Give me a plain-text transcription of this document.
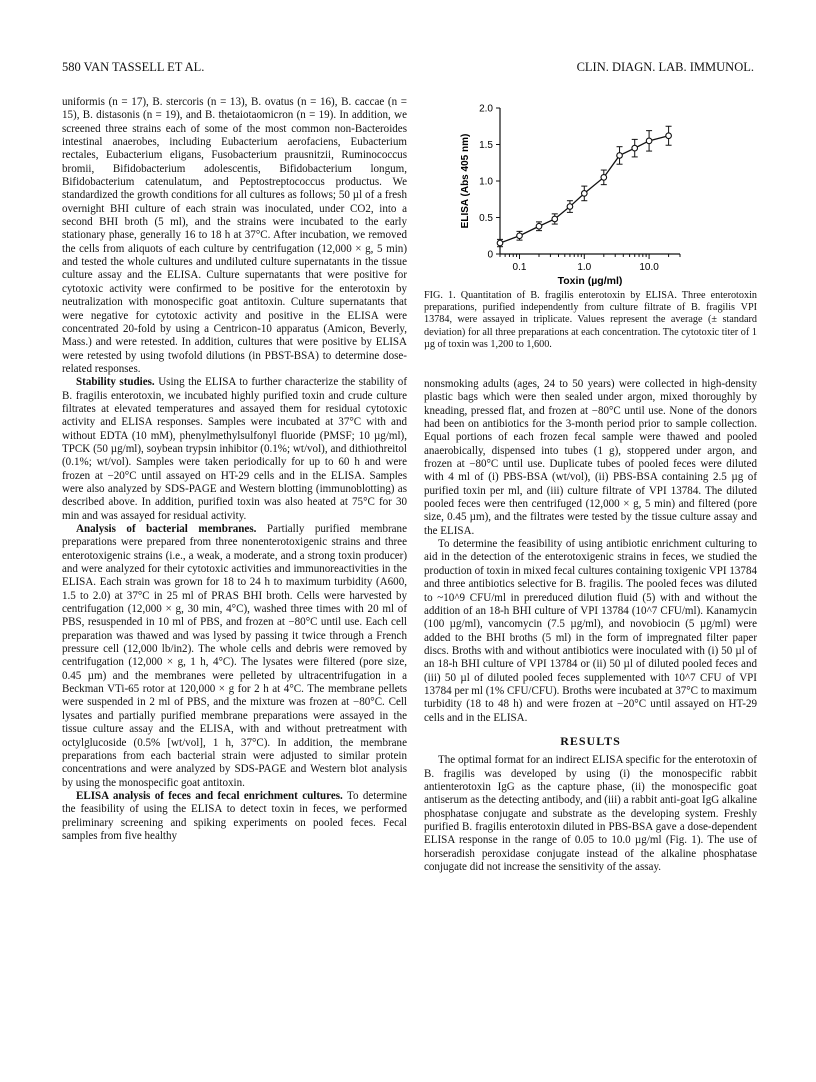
580 VAN TASSELL ET AL.	CLIN. DIAGN. LAB. IMMUNOL.

uniformis (n = 17), B. stercoris (n = 13), B. ovatus (n = 16), B. caccae (n = 15), B. distasonis (n = 19), and B. thetaiotaomicron (n = 19). In addition, we screened three strains each of some of the most common non-Bacteroides intestinal anaerobes, including Eubacterium aerofaciens, Eubacterium rectales, Eubacterium eligans, Fusobacterium prausnitzii, Ruminococcus bromii, Bifidobacterium adolescentis, Bifidobacterium longum, Bifidobacterium catenulatum, and Peptostreptococcus productus. We standardized the growth conditions for all cultures as follows; 50 µl of a fresh overnight BHI culture of each strain was inoculated, under CO2, into a second BHI broth (5 ml), and the strains were incubated to the early stationary phase, generally 16 to 18 h at 37°C. After incubation, we removed the cells from aliquots of each culture by centrifugation (12,000 × g, 5 min) and tested the whole cultures and undiluted culture supernatants in the tissue culture assay and the ELISA. Culture supernatants that were positive for cytotoxic activity were confirmed to be positive for the enterotoxin by neutralization with monospecific goat antitoxin. Culture supernatants that were negative for cytotoxic activity and positive in the ELISA were concentrated 20-fold by using a Centricon-10 apparatus (Amicon, Beverly, Mass.) and were retested. In addition, cultures that were positive by ELISA were retested by using twofold dilutions (in PBST-BSA) to determine dose-related responses.

Stability studies. Using the ELISA to further characterize the stability of B. fragilis enterotoxin, we incubated highly purified toxin and crude culture filtrates at elevated temperatures and assayed them for residual cytotoxic activity and ELISA responses. Samples were incubated at 37°C with and without EDTA (10 mM), phenylmethylsulfonyl fluoride (PMSF; 10 µg/ml), TPCK (50 µg/ml), soybean trypsin inhibitor (0.1%; wt/vol), and dithiothreitol (0.1%; wt/vol). Samples were taken periodically for up to 60 h and were frozen at −20°C until assayed on HT-29 cells and in the ELISA. Samples were also analyzed by SDS-PAGE and Western blotting (immunoblotting) as described above. In addition, purified toxin was also heated at 75°C for 30 min and was assayed for residual activity.

Analysis of bacterial membranes. Partially purified membrane preparations were prepared from three nonenterotoxigenic strains and three enterotoxigenic strains (i.e., a weak, a moderate, and a strong toxin producer) and were analyzed for their cytotoxic activities and immunoreactivities in the ELISA. Each strain was grown for 18 to 24 h to maximum turbidity (A600, 1.5 to 2.0) at 37°C in 25 ml of PRAS BHI broth. Cells were harvested by centrifugation (12,000 × g, 30 min, 4°C), washed three times with 20 ml of PBS, resuspended in 10 ml of PBS, and frozen at −80°C until use. Each cell preparation was thawed and was lysed by passing it twice through a French pressure cell (12,000 lb/in2). The whole cells and debris were removed by centrifugation (12,000 × g, 1 h, 4°C). The lysates were filtered (pore size, 0.45 µm) and the membranes were pelleted by ultracentrifugation in a Beckman VTi-65 rotor at 120,000 × g for 2 h at 4°C. The membrane pellets were suspended in 2 ml of PBS, and the mixture was frozen at −80°C. Cell lysates and partially purified membrane preparations were assayed in the tissue culture assay and the ELISA, with and without pretreatment with octylglucoside (0.5% [wt/vol], 1 h, 37°C). In addition, the membrane preparations from each bacterial strain were adjusted to similar protein concentrations and were analyzed by SDS-PAGE and Western blot analysis by using the monospecific goat antitoxin.

ELISA analysis of feces and fecal enrichment cultures. To determine the feasibility of using the ELISA to detect toxin in feces, we performed preliminary screening and spiking experiments on pooled feces. Fecal samples from five healthy

0
0.5
1.0
1.5
2.0
0.1	1.0	10.0
Toxin (µg/ml)
ELISA (Abs 405 nm)
FIG. 1. Quantitation of B. fragilis enterotoxin by ELISA. Three enterotoxin preparations, purified independently from culture filtrate of B. fragilis VPI 13784, were assayed in triplicate. Values represent the average (± standard deviation) for all three preparations at each concentration. The cytotoxic titer of 1 µg of toxin was 1,200 to 1,600.

nonsmoking adults (ages, 24 to 50 years) were collected in high-density plastic bags which were then sealed under argon, mixed thoroughly by kneading, pressed flat, and frozen at −80°C until use. None of the donors had been on antibiotics for the 3-month period prior to sample collection. Equal portions of each frozen fecal sample were thawed and pooled anaerobically, dispensed into tubes (1 g), stoppered under argon, and frozen at −80°C until use. Duplicate tubes of pooled feces were diluted with 4 ml of (i) PBS-BSA (wt/vol), (ii) PBS-BSA containing 2.5 µg of purified toxin per ml, and (iii) culture filtrate of VPI 13784. The diluted pooled feces were then centrifuged (12,000 × g, 5 min) and filtered (pore size, 0.45 µm), and the filtrates were tested by the tissue culture assay and the ELISA.

To determine the feasibility of using antibiotic enrichment culturing to aid in the detection of the enterotoxigenic strains in feces, we studied the production of toxin in mixed fecal cultures containing toxigenic VPI 13784 and three antibiotics selective for B. fragilis. The pooled feces was diluted to ~10^9 CFU/ml in prereduced dilution fluid (5) with and without the addition of an 18-h BHI culture of VPI 13784 (10^7 CFU/ml). Kanamycin (100 µg/ml), vancomycin (7.5 µg/ml), and novobiocin (5 µg/ml) were added to the BHI broths (5 ml) in the form of impregnated filter paper discs. Broths with and without antibiotics were inoculated with (i) 50 µl of an 18-h BHI culture of VPI 13784 or (ii) 50 µl of diluted pooled feces and (iii) 50 µl of diluted pooled feces supplemented with 10^7 CFU of VPI 13784 per ml (1% CFU/CFU). Broths were incubated at 37°C to maximum turbidity (18 to 48 h) and were frozen at −20°C until assayed on HT-29 cells and in the ELISA.

RESULTS

The optimal format for an indirect ELISA specific for the enterotoxin of B. fragilis was developed by using (i) the monospecific rabbit antienterotoxin IgG as the capture phase, (ii) the monospecific goat antiserum as the detecting antibody, and (iii) a rabbit anti-goat IgG alkaline phosphatase conjugate and substrate as the developing system. Freshly purified B. fragilis enterotoxin diluted in PBS-BSA gave a dose-dependent ELISA response in the range of 0.05 to 10.0 µg/ml (Fig. 1). The use of horseradish peroxidase conjugate instead of the alkaline phosphatase conjugate did not increase the sensitivity of the assay.
